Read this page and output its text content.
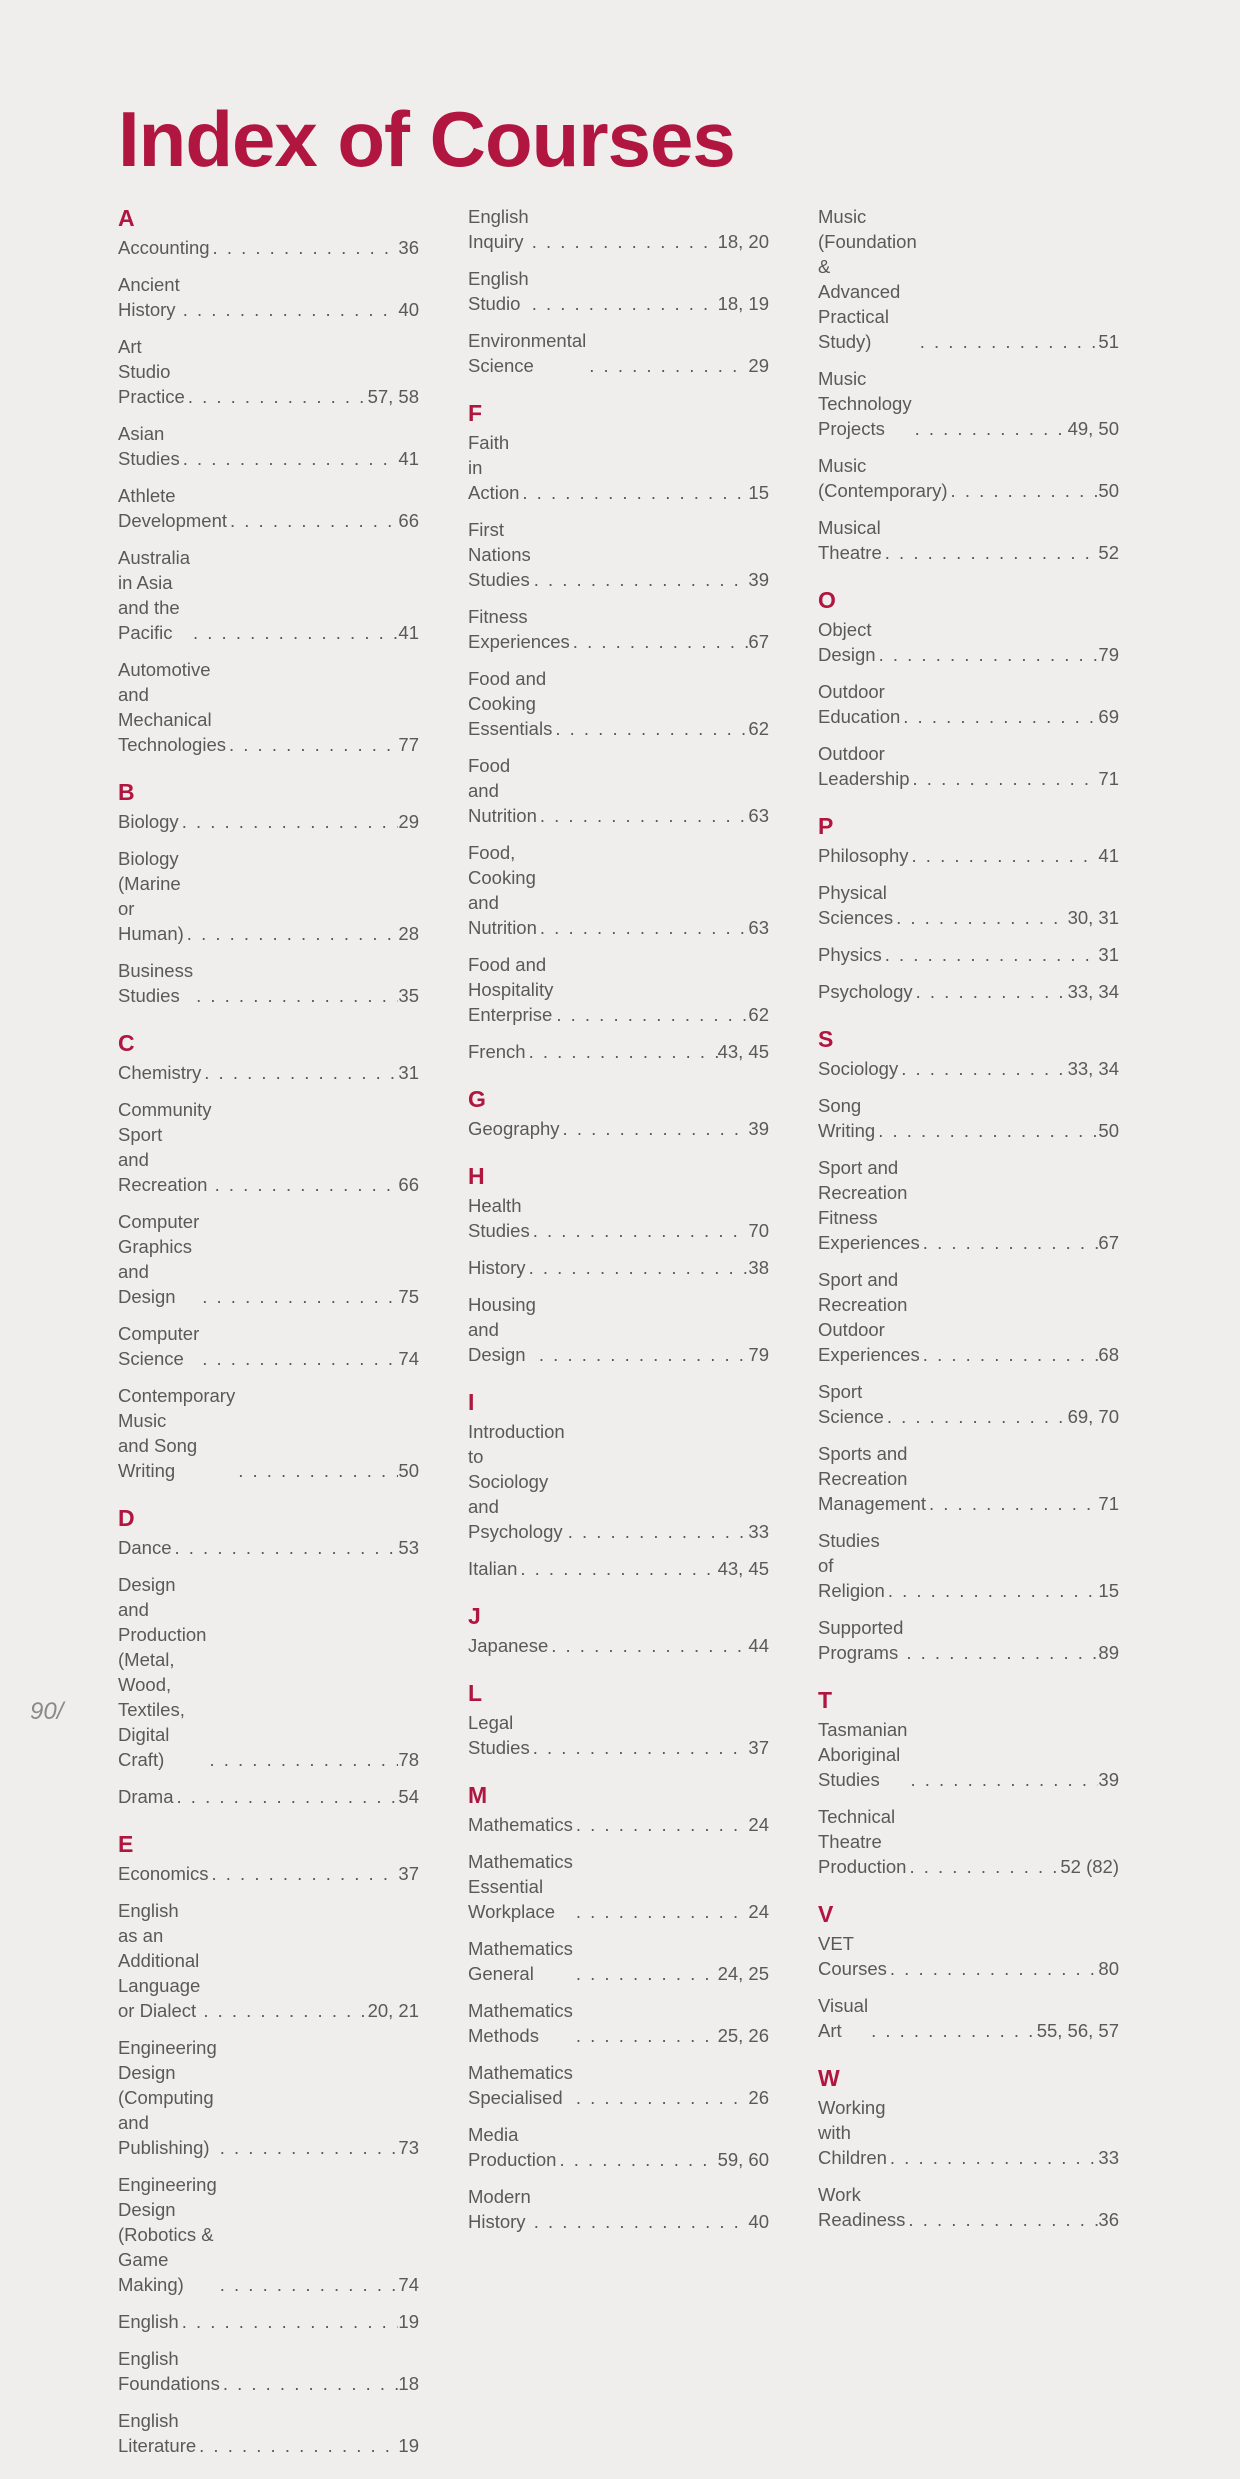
Index of Courses
A
Accounting . . .	36
Ancient History . . .	40
Art Studio Practice . . .	57, 58
Asian Studies . . .	41
Athlete Development . . .	66
Australia in Asia
and the Pacific . . .	41
Automotive and
Mechanical Technologies . . .	77
B
Biology . . .	29
Biology
(Marine or Human) . . .	28
Business Studies . . .	35
C
Chemistry . . .	31
Community Sport
and Recreation . . .	66
Computer Graphics
and Design . . .	75
Computer Science . . .	74
Contemporary Music
and Song Writing . . .	50
D
Dance . . .	53
Design and Production
(Metal, Wood, Textiles,
Digital Craft) . . .	78
Drama . . .	54
E
Economics . . .	37
English as an Additional
Language or Dialect . . .	20, 21
Engineering Design
(Computing and Publishing) . . .	73
Engineering Design
(Robotics & Game Making) . . .	74
English . . .	19
English Foundations . . .	18
English Literature . . .	19
English Inquiry . . .	18, 20
English Studio . . .	18, 19
Environmental Science . . .	29
F
Faith in Action . . .	15
First Nations Studies . . .	39
Fitness Experiences . . .	67
Food and Cooking
Essentials . . .	62
Food and Nutrition . . .	63
Food, Cooking
and Nutrition . . .	63
Food and Hospitality
Enterprise . . .	62
French . . .	43, 45
G
Geography . . .	39
H
Health Studies . . .	70
History . . .	38
Housing and Design . . .	79
I
Introduction to Sociology
and Psychology . . .	33
Italian . . .	43, 45
J
Japanese . . .	44
L
Legal Studies . . .	37
M
Mathematics . . .	24
Mathematics Essential
Workplace . . .	24
Mathematics General . . .	24, 25
Mathematics Methods . . .	25, 26
Mathematics Specialised . . .	26
Media Production . . .	59, 60
Modern History . . .	40
Music (Foundation &
Advanced Practical Study) . . .	51
Music Technology
Projects . . .	49, 50
Music (Contemporary) . . .	50
Musical Theatre . . .	52
O
Object Design . . .	79
Outdoor Education . . .	69
Outdoor Leadership . . .	71
P
Philosophy . . .	41
Physical Sciences . . .	30, 31
Physics . . .	31
Psychology . . .	33, 34
S
Sociology . . .	33, 34
Song Writing . . .	50
Sport and Recreation
Fitness Experiences . . .	67
Sport and Recreation
Outdoor Experiences . . .	68
Sport Science . . .	69, 70
Sports and Recreation
Management . . .	71
Studies of Religion . . .	15
Supported Programs . . .	89
T
Tasmanian
Aboriginal Studies . . .	39
Technical Theatre
Production . . .	52 (82)
V
VET Courses . . .	80
Visual Art . . .	55, 56, 57
W
Working with Children . . .	33
Work Readiness . . .	36
90/
